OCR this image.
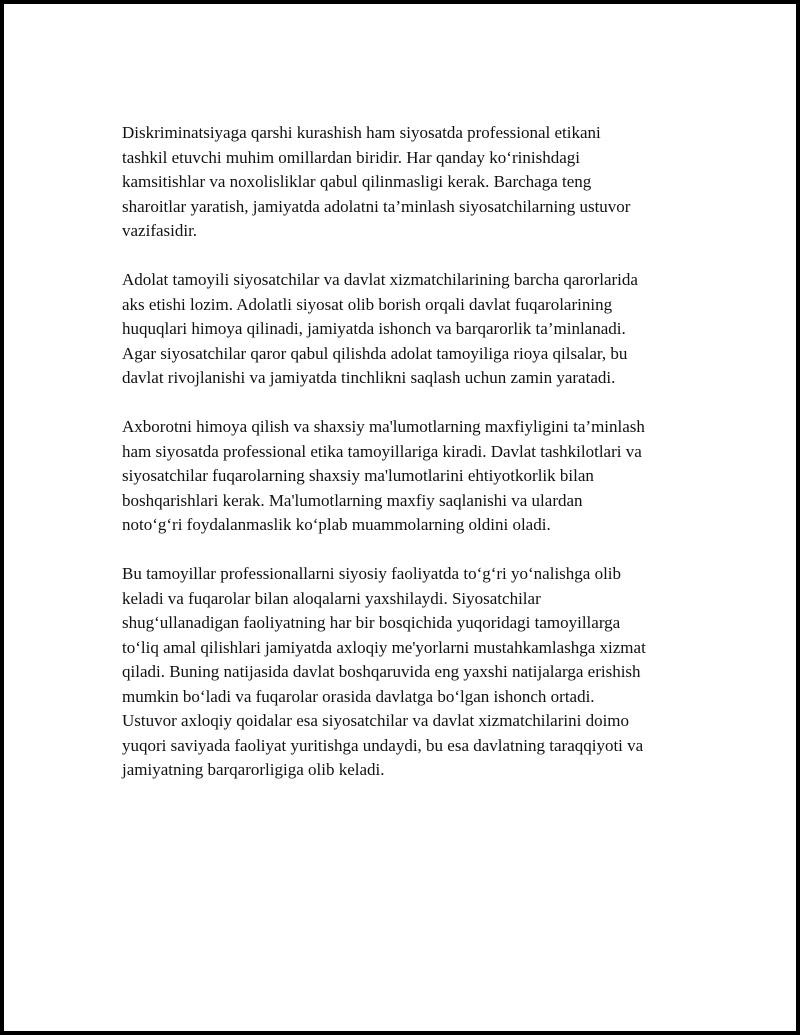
Diskriminatsiyaga qarshi kurashish ham siyosatda professional etikani
tashkil etuvchi muhim omillardan biridir. Har qanday ko‘rinishdagi
kamsitishlar va noxolisliklar qabul qilinmasligi kerak. Barchaga teng
sharoitlar yaratish, jamiyatda adolatni ta’minlash siyosatchilarning ustuvor
vazifasidir.

Adolat tamoyili siyosatchilar va davlat xizmatchilarining barcha qarorlarida
aks etishi lozim. Adolatli siyosat olib borish orqali davlat fuqarolarining
huquqlari himoya qilinadi, jamiyatda ishonch va barqarorlik ta’minlanadi.
Agar siyosatchilar qaror qabul qilishda adolat tamoyiliga rioya qilsalar, bu
davlat rivojlanishi va jamiyatda tinchlikni saqlash uchun zamin yaratadi.

Axborotni himoya qilish va shaxsiy ma'lumotlarning maxfiyligini ta’minlash
ham siyosatda professional etika tamoyillariga kiradi. Davlat tashkilotlari va
siyosatchilar fuqarolarning shaxsiy ma'lumotlarini ehtiyotkorlik bilan
boshqarishlari kerak. Ma'lumotlarning maxfiy saqlanishi va ulardan
noto‘g‘ri foydalanmaslik ko‘plab muammolarning oldini oladi.

Bu tamoyillar professionallarni siyosiy faoliyatda to‘g‘ri yo‘nalishga olib
keladi va fuqarolar bilan aloqalarni yaxshilaydi. Siyosatchilar
shug‘ullanadigan faoliyatning har bir bosqichida yuqoridagi tamoyillarga
to‘liq amal qilishlari jamiyatda axloqiy me'yorlarni mustahkamlashga xizmat
qiladi. Buning natijasida davlat boshqaruvida eng yaxshi natijalarga erishish
mumkin bo‘ladi va fuqarolar orasida davlatga bo‘lgan ishonch ortadi.
Ustuvor axloqiy qoidalar esa siyosatchilar va davlat xizmatchilarini doimo
yuqori saviyada faoliyat yuritishga undaydi, bu esa davlatning taraqqiyoti va
jamiyatning barqarorligiga olib keladi.
